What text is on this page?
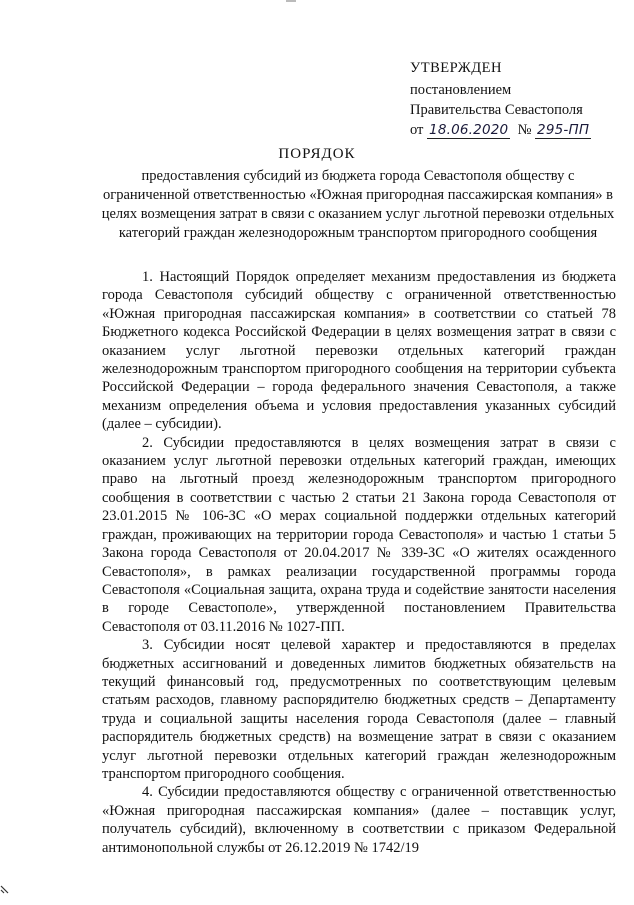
УТВЕРЖДЕН
постановлением
Правительства Севастополя
от 18.06.2020 № 295-ПП
ПОРЯДОК
предоставления субсидий из бюджета города Севастополя обществу с ограниченной ответственностью «Южная пригородная пассажирская компания» в целях возмещения затрат в связи с оказанием услуг льготной перевозки отдельных категорий граждан железнодорожным транспортом пригородного сообщения

1. Настоящий Порядок определяет механизм предоставления из бюджета города Севастополя субсидий обществу с ограниченной ответственностью «Южная пригородная пассажирская компания» в соответствии со статьей 78 Бюджетного кодекса Российской Федерации в целях возмещения затрат в связи с оказанием услуг льготной перевозки отдельных категорий граждан железнодорожным транспортом пригородного сообщения на территории субъекта Российской Федерации – города федерального значения Севастополя, а также механизм определения объема и условия предоставления указанных субсидий (далее – субсидии).

2. Субсидии предоставляются в целях возмещения затрат в связи с оказанием услуг льготной перевозки отдельных категорий граждан, имеющих право на льготный проезд железнодорожным транспортом пригородного сообщения в соответствии с частью 2 статьи 21 Закона города Севастополя от 23.01.2015 № 106-ЗС «О мерах социальной поддержки отдельных категорий граждан, проживающих на территории города Севастополя» и частью 1 статьи 5 Закона города Севастополя от 20.04.2017 № 339-ЗС «О жителях осажденного Севастополя», в рамках реализации государственной программы города Севастополя «Социальная защита, охрана труда и содействие занятости населения в городе Севастополе», утвержденной постановлением Правительства Севастополя от 03.11.2016 № 1027-ПП.

3. Субсидии носят целевой характер и предоставляются в пределах бюджетных ассигнований и доведенных лимитов бюджетных обязательств на текущий финансовый год, предусмотренных по соответствующим целевым статьям расходов, главному распорядителю бюджетных средств – Департаменту труда и социальной защиты населения города Севастополя (далее – главный распорядитель бюджетных средств) на возмещение затрат в связи с оказанием услуг льготной перевозки отдельных категорий граждан железнодорожным транспортом пригородного сообщения.

4. Субсидии предоставляются обществу с ограниченной ответственностью «Южная пригородная пассажирская компания» (далее – поставщик услуг, получатель субсидий), включенному в соответствии с приказом Федеральной антимонопольной службы от 26.12.2019 № 1742/19
